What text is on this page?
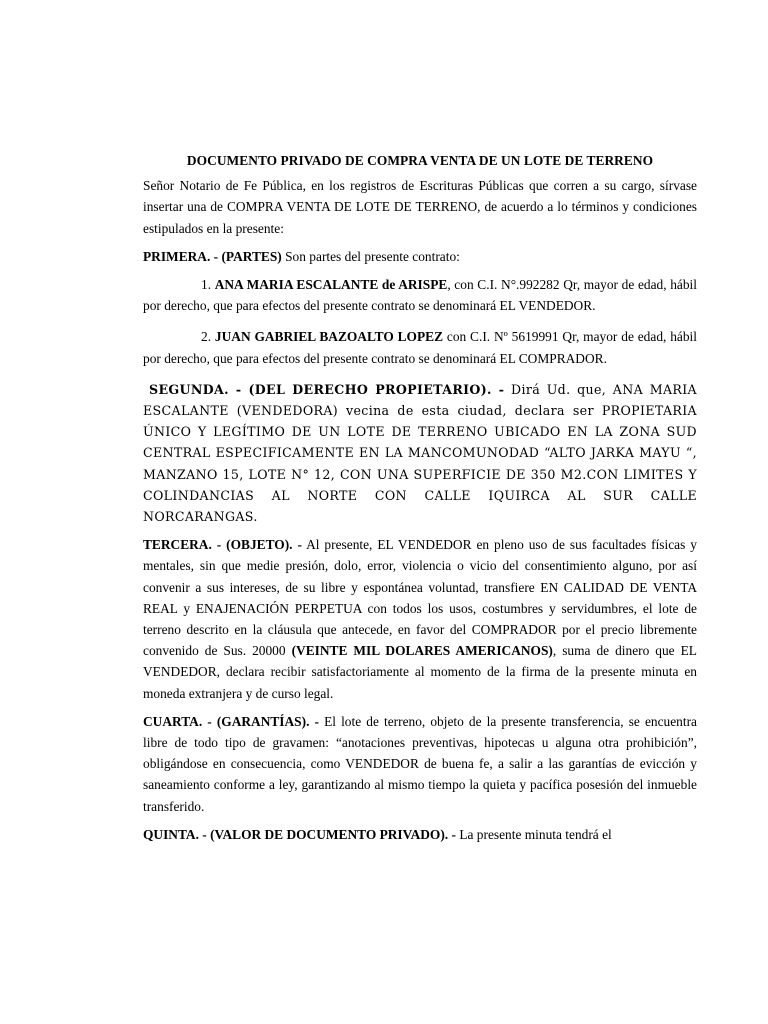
DOCUMENTO PRIVADO DE COMPRA VENTA DE UN LOTE DE TERRENO

Señor Notario de Fe Pública, en los registros de Escrituras Públicas que corren a su cargo, sírvase insertar una de COMPRA VENTA DE LOTE DE TERRENO, de acuerdo a lo términos y condiciones estipulados en la presente:

PRIMERA. - (PARTES) Son partes del presente contrato:

1. ANA MARIA ESCALANTE de ARISPE, con C.I. N°.992282 Qr, mayor de edad, hábil por derecho, que para efectos del presente contrato se denominará EL VENDEDOR.

2. JUAN GABRIEL BAZOALTO LOPEZ con C.I. Nº 5619991 Qr, mayor de edad, hábil por derecho, que para efectos del presente contrato se denominará EL COMPRADOR.

SEGUNDA. - (DEL DERECHO PROPIETARIO). - Dirá Ud. que, ANA MARIA ESCALANTE (VENDEDORA) vecina de esta ciudad, declara ser PROPIETARIA ÚNICO Y LEGÍTIMO DE UN LOTE DE TERRENO UBICADO EN LA ZONA SUD CENTRAL ESPECIFICAMENTE EN LA MANCOMUNODAD “ALTO JARKA MAYU “, MANZANO 15, LOTE N° 12, CON UNA SUPERFICIE DE 350 M2.CON LIMITES Y COLINDANCIAS AL NORTE CON CALLE IQUIRCA AL SUR CALLE NORCARANGAS.

TERCERA. - (OBJETO). - Al presente, EL VENDEDOR en pleno uso de sus facultades físicas y mentales, sin que medie presión, dolo, error, violencia o vicio del consentimiento alguno, por así convenir a sus intereses, de su libre y espontánea voluntad, transfiere EN CALIDAD DE VENTA REAL y ENAJENACIÓN PERPETUA con todos los usos, costumbres y servidumbres, el lote de terreno descrito en la cláusula que antecede, en favor del COMPRADOR por el precio libremente convenido de Sus. 20000 (VEINTE MIL DOLARES AMERICANOS), suma de dinero que EL VENDEDOR, declara recibir satisfactoriamente al momento de la firma de la presente minuta en moneda extranjera y de curso legal.

CUARTA. - (GARANTÍAS). - El lote de terreno, objeto de la presente transferencia, se encuentra libre de todo tipo de gravamen: “anotaciones preventivas, hipotecas u alguna otra prohibición”, obligándose en consecuencia, como VENDEDOR de buena fe, a salir a las garantías de evicción y saneamiento conforme a ley, garantizando al mismo tiempo la quieta y pacífica posesión del inmueble transferido.

QUINTA. - (VALOR DE DOCUMENTO PRIVADO). - La presente minuta tendrá el
